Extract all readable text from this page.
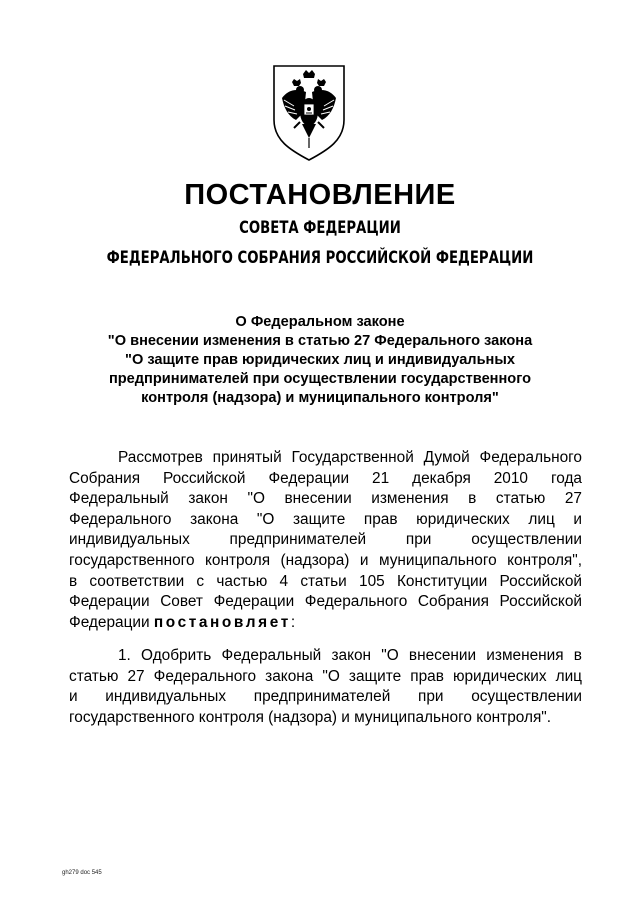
ПОСТАНОВЛЕНИЕ
СОВЕТА ФЕДЕРАЦИИ
ФЕДЕРАЛЬНОГО СОБРАНИЯ РОССИЙСКОЙ ФЕДЕРАЦИИ
О Федеральном законе
"О внесении изменения в статью 27 Федерального закона
"О защите прав юридических лиц и индивидуальных
предпринимателей при осуществлении государственного
контроля (надзора) и муниципального контроля"
Рассмотрев принятый Государственной Думой Федерального
Собрания Российской Федерации 21 декабря 2010 года
Федеральный закон "О внесении изменения в статью 27
Федерального закона "О защите прав юридических лиц и
индивидуальных предпринимателей при осуществлении
государственного контроля (надзора) и муниципального контроля",
в соответствии с частью 4 статьи 105 Конституции Российской
Федерации Совет Федерации Федерального Собрания Российской
Федерации постановляет:
1. Одобрить Федеральный закон "О внесении изменения в
статью 27 Федерального закона "О защите прав юридических лиц
и индивидуальных предпринимателей при осуществлении
государственного контроля (надзора) и муниципального контроля".
gh279 doc 545
